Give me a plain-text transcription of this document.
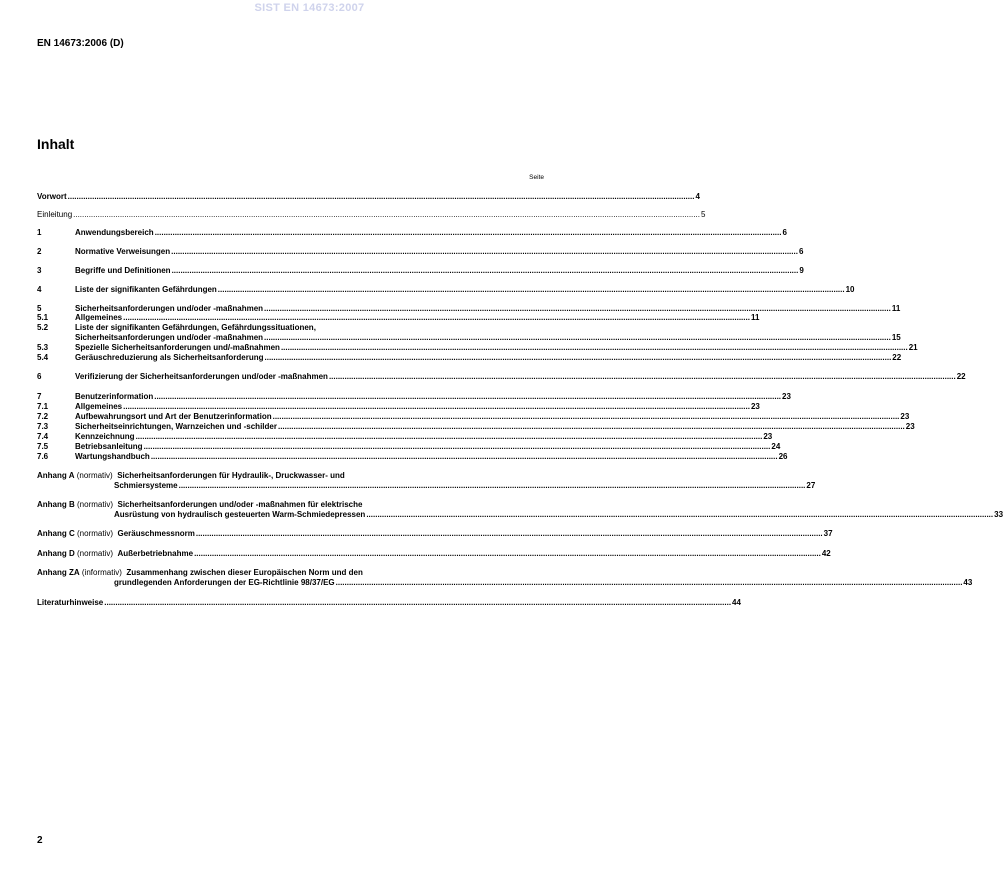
SIST EN 14673:2007
EN 14673:2006 (D)
Inhalt
Seite
Vorwort .....	4
Einleitung .....	5
1	Anwendungsbereich .....	6
2	Normative Verweisungen .....	6
3	Begriffe und Definitionen .....	9
4	Liste der signifikanten Gefährdungen .....	10
5	Sicherheitsanforderungen und/oder -maßnahmen .....	11
5.1	Allgemeines .....	11
5.2	Liste der signifikanten Gefährdungen, Gefährdungssituationen,
Sicherheitsanforderungen und/oder -maßnahmen .....	15
5.3	Spezielle Sicherheitsanforderungen und/-maßnahmen .....	21
5.4	Geräuschreduzierung als Sicherheitsanforderung .....	22
6	Verifizierung der Sicherheitsanforderungen und/oder -maßnahmen .....	22
7	Benutzerinformation .....	23
7.1	Allgemeines .....	23
7.2	Aufbewahrungsort und Art der Benutzerinformation .....	23
7.3	Sicherheitseinrichtungen, Warnzeichen und -schilder .....	23
7.4	Kennzeichnung .....	23
7.5	Betriebsanleitung .....	24
7.6	Wartungshandbuch .....	26
Anhang A
(normativ)
Sicherheitsanforderungen für Hydraulik-, Druckwasser- und
Schmiersysteme .....	27
Anhang B
(normativ)
Sicherheitsanforderungen und/oder -maßnahmen für elektrische
Ausrüstung von hydraulisch gesteuerten Warm-Schmiedepressen .....	33
Anhang C
(normativ)
Geräuschmessnorm .....	37
Anhang D
(normativ)
Außerbetriebnahme .....	42
Anhang ZA
(informativ)
Zusammenhang zwischen dieser Europäischen Norm und den
grundlegenden Anforderungen der EG-Richtlinie 98/37/EG .....	43
Literaturhinweise .....	44
2
